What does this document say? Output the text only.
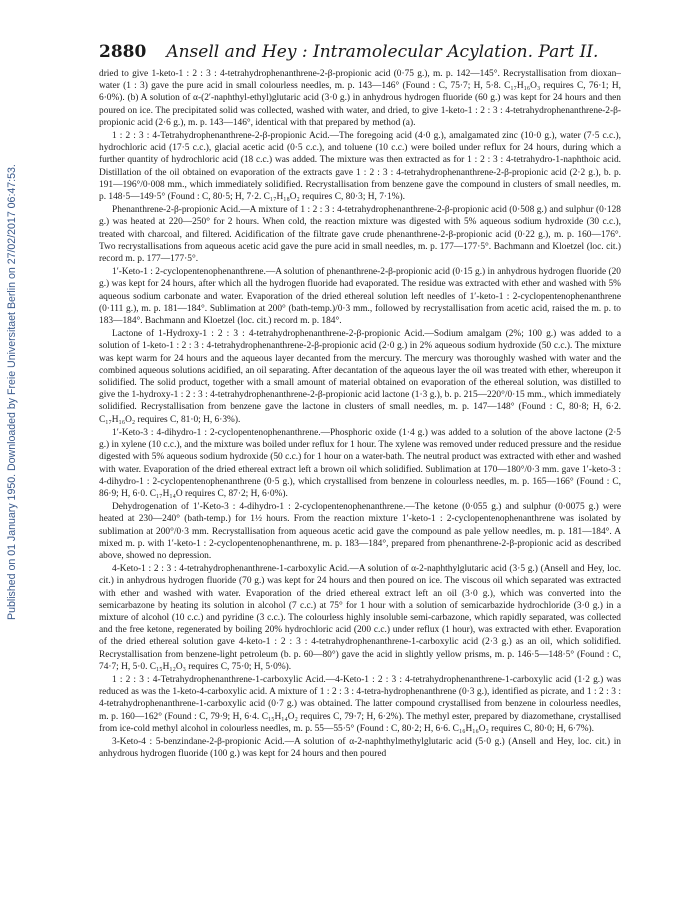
Published on 01 January 1950. Downloaded by Freie Universitaet Berlin on 27/02/2017 06:47:53.
2880 Ansell and Hey : Intramolecular Acylation. Part II.

dried to give 1-keto-1 : 2 : 3 : 4-tetrahydrophenanthrene-2-β-propionic acid (0·75 g.), m. p. 142—145°. Recrystallisation from dioxan–water (1 : 3) gave the pure acid in small colourless needles, m. p. 143—146° (Found : C, 75·7; H, 5·8. C₁₇H₁₆O₃ requires C, 76·1; H, 6·0%). (b) A solution of α-(2′-naphthyl-ethyl)glutaric acid (3·0 g.) in anhydrous hydrogen fluoride (60 g.) was kept for 24 hours and then poured on ice. The precipitated solid was collected, washed with water, and dried, to give 1-keto-1 : 2 : 3 : 4-tetrahydrophenanthrene-2-β-propionic acid (2·6 g.), m. p. 143—146°, identical with that prepared by method (a).

1 : 2 : 3 : 4-Tetrahydrophenanthrene-2-β-propionic Acid.—The foregoing acid (4·0 g.), amalgamated zinc (10·0 g.), water (7·5 c.c.), hydrochloric acid (17·5 c.c.), glacial acetic acid (0·5 c.c.), and toluene (10 c.c.) were boiled under reflux for 24 hours, during which a further quantity of hydrochloric acid (18 c.c.) was added. The mixture was then extracted as for 1 : 2 : 3 : 4-tetrahydro-1-naphthoic acid. Distillation of the oil obtained on evaporation of the extracts gave 1 : 2 : 3 : 4-tetrahydrophenanthrene-2-β-propionic acid (2·2 g.), b. p. 191—196°/0·008 mm., which immediately solidified. Recrystallisation from benzene gave the compound in clusters of small needles, m. p. 148·5—149·5° (Found : C, 80·5; H, 7·2. C₁₇H₁₈O₂ requires C, 80·3; H, 7·1%).

Phenanthrene-2-β-propionic Acid.—A mixture of 1 : 2 : 3 : 4-tetrahydrophenanthrene-2-β-propionic acid (0·508 g.) and sulphur (0·128 g.) was heated at 220—250° for 2 hours. When cold, the reaction mixture was digested with 5% aqueous sodium hydroxide (30 c.c.), treated with charcoal, and filtered. Acidification of the filtrate gave crude phenanthrene-2-β-propionic acid (0·22 g.), m. p. 160—176°. Two recrystallisations from aqueous acetic acid gave the pure acid in small needles, m. p. 177—177·5°. Bachmann and Kloetzel (loc. cit.) record m. p. 177—177·5°.

1′-Keto-1 : 2-cyclopentenophenanthrene.—A solution of phenanthrene-2-β-propionic acid (0·15 g.) in anhydrous hydrogen fluoride (20 g.) was kept for 24 hours, after which all the hydrogen fluoride had evaporated. The residue was extracted with ether and washed with 5% aqueous sodium carbonate and water. Evaporation of the dried ethereal solution left needles of 1′-keto-1 : 2-cyclopentenophenanthrene (0·111 g.), m. p. 181—184°. Sublimation at 200° (bath-temp.)/0·3 mm., followed by recrystallisation from acetic acid, raised the m. p. to 183—184°. Bachmann and Kloetzel (loc. cit.) record m. p. 184°.

Lactone of 1-Hydroxy-1 : 2 : 3 : 4-tetrahydrophenanthrene-2-β-propionic Acid.—Sodium amalgam (2%; 100 g.) was added to a solution of 1-keto-1 : 2 : 3 : 4-tetrahydrophenanthrene-2-β-propionic acid (2·0 g.) in 2% aqueous sodium hydroxide (50 c.c.). The mixture was kept warm for 24 hours and the aqueous layer decanted from the mercury. The mercury was thoroughly washed with water and the combined aqueous solutions acidified, an oil separating. After decantation of the aqueous layer the oil was treated with ether, whereupon it solidified. The solid product, together with a small amount of material obtained on evaporation of the ethereal solution, was distilled to give the 1-hydroxy-1 : 2 : 3 : 4-tetrahydrophenanthrene-2-β-propionic acid lactone (1·3 g.), b. p. 215—220°/0·15 mm., which immediately solidified. Recrystallisation from benzene gave the lactone in clusters of small needles, m. p. 147—148° (Found : C, 80·8; H, 6·2. C₁₇H₁₆O₂ requires C, 81·0; H, 6·3%).

1′-Keto-3 : 4-dihydro-1 : 2-cyclopentenophenanthrene.—Phosphoric oxide (1·4 g.) was added to a solution of the above lactone (2·5 g.) in xylene (10 c.c.), and the mixture was boiled under reflux for 1 hour. The xylene was removed under reduced pressure and the residue digested with 5% aqueous sodium hydroxide (50 c.c.) for 1 hour on a water-bath. The neutral product was extracted with ether and washed with water. Evaporation of the dried ethereal extract left a brown oil which solidified. Sublimation at 170—180°/0·3 mm. gave 1′-keto-3 : 4-dihydro-1 : 2-cyclopentenophenanthrene (0·5 g.), which crystallised from benzene in colourless needles, m. p. 165—166° (Found : C, 86·9; H, 6·0. C₁₇H₁₄O requires C, 87·2; H, 6·0%).

Dehydrogenation of 1′-Keto-3 : 4-dihydro-1 : 2-cyclopentenophenanthrene.—The ketone (0·055 g.) and sulphur (0·0075 g.) were heated at 230—240° (bath-temp.) for 1½ hours. From the reaction mixture 1′-keto-1 : 2-cyclopentenophenanthrene was isolated by sublimation at 200°/0·3 mm. Recrystallisation from aqueous acetic acid gave the compound as pale yellow needles, m. p. 181—184°. A mixed m. p. with 1′-keto-1 : 2-cyclopentenophenanthrene, m. p. 183—184°, prepared from phenanthrene-2-β-propionic acid as described above, showed no depression.

4-Keto-1 : 2 : 3 : 4-tetrahydrophenanthrene-1-carboxylic Acid.—A solution of α-2-naphthylglutaric acid (3·5 g.) (Ansell and Hey, loc. cit.) in anhydrous hydrogen fluoride (70 g.) was kept for 24 hours and then poured on ice. The viscous oil which separated was extracted with ether and washed with water. Evaporation of the dried ethereal extract left an oil (3·0 g.), which was converted into the semicarbazone by heating its solution in alcohol (7 c.c.) at 75° for 1 hour with a solution of semicarbazide hydrochloride (3·0 g.) in a mixture of alcohol (10 c.c.) and pyridine (3 c.c.). The colourless highly insoluble semi-carbazone, which rapidly separated, was collected and the free ketone, regenerated by boiling 20% hydrochloric acid (200 c.c.) under reflux (1 hour), was extracted with ether. Evaporation of the dried ethereal solution gave 4-keto-1 : 2 : 3 : 4-tetrahydrophenanthrene-1-carboxylic acid (2·3 g.) as an oil, which solidified. Recrystallisation from benzene-light petroleum (b. p. 60—80°) gave the acid in slightly yellow prisms, m. p. 146·5—148·5° (Found : C, 74·7; H, 5·0. C₁₅H₁₂O₃ requires C, 75·0; H, 5·0%).

1 : 2 : 3 : 4-Tetrahydrophenanthrene-1-carboxylic Acid.—4-Keto-1 : 2 : 3 : 4-tetrahydrophenanthrene-1-carboxylic acid (1·2 g.) was reduced as was the 1-keto-4-carboxylic acid. A mixture of 1 : 2 : 3 : 4-tetra-hydrophenanthrene (0·3 g.), identified as picrate, and 1 : 2 : 3 : 4-tetrahydrophenanthrene-1-carboxylic acid (0·7 g.) was obtained. The latter compound crystallised from benzene in colourless needles, m. p. 160—162° (Found : C, 79·9; H, 6·4. C₁₅H₁₄O₂ requires C, 79·7; H, 6·2%). The methyl ester, prepared by diazomethane, crystallised from ice-cold methyl alcohol in colourless needles, m. p. 55—55·5° (Found : C, 80·2; H, 6·6. C₁₆H₁₆O₂ requires C, 80·0; H, 6·7%).

3-Keto-4 : 5-benzindane-2-β-propionic Acid.—A solution of α-2-naphthylmethylglutaric acid (5·0 g.) (Ansell and Hey, loc. cit.) in anhydrous hydrogen fluoride (100 g.) was kept for 24 hours and then poured
